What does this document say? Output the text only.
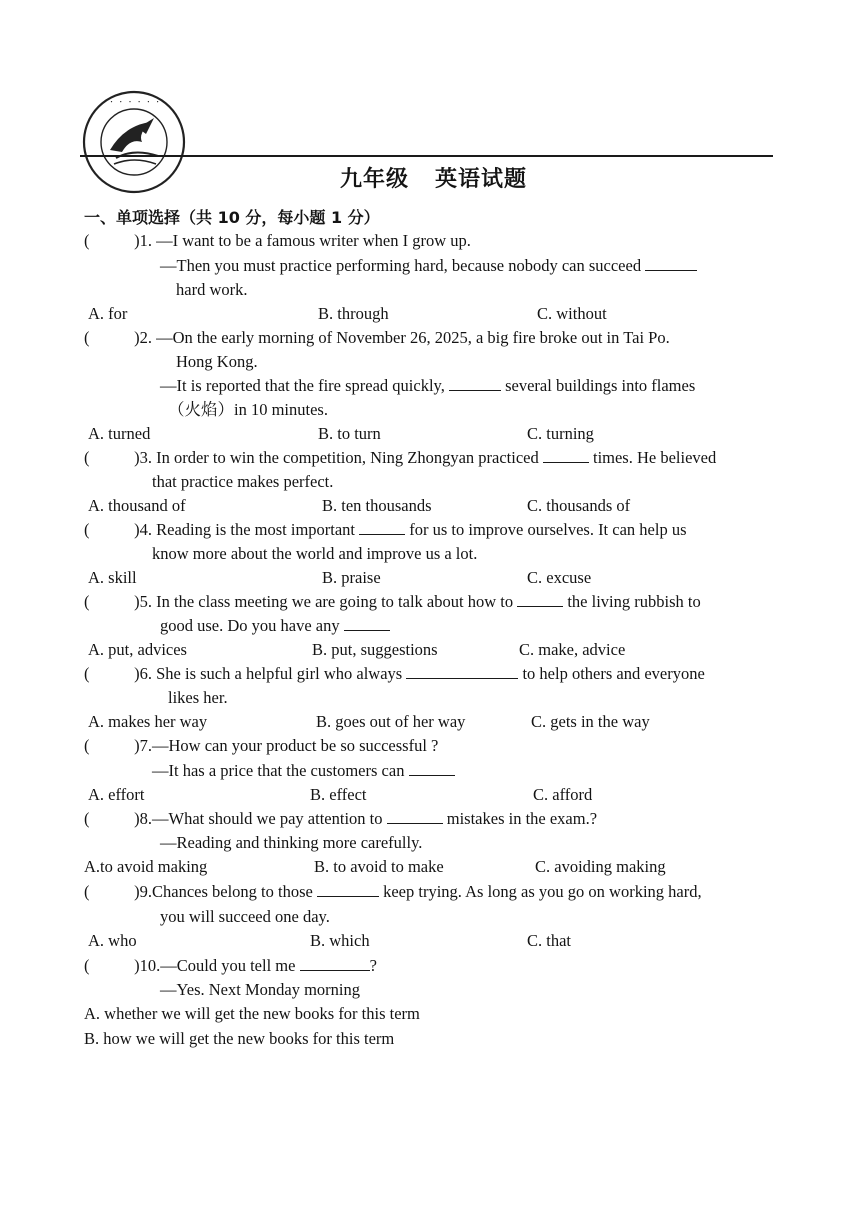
・ ・ ・ ・ ・ ・
九年级 英语试题
一、单项选择（共 10 分，每小题 1 分）
( )1. —I want to be a famous writer when I grow up.
—Then you must practice performing hard, because nobody can succeed
hard work.
A. for	B. through	C. without
( )2. —On the early morning of November 26, 2025, a big fire broke out in Tai Po.
Hong Kong.
—It is reported that the fire spread quickly,	several buildings into flames
（火焰）in 10 minutes.
A. turned	B. to turn	C. turning
( )3. In order to win the competition, Ning Zhongyan practiced	times. He believed
that practice makes perfect.
A. thousand of	B. ten thousands	C. thousands of
( )4. Reading is the most important	for us to improve ourselves. It can help us
know more about the world and improve us a lot.
A. skill	B. praise	C. excuse
( )5. In the class meeting we are going to talk about how to	the living rubbish to
good use. Do you have any
A. put, advices	B. put, suggestions	C. make, advice
( )6. She is such a helpful girl who always	to help others and everyone
likes her.
A. makes her way	B. goes out of her way	C. gets in the way
( )7.—How can your product be so successful ?
—It has a price that the customers can
A. effort	B. effect	C. afford
( )8.—What should we pay attention to	mistakes in the exam.?
—Reading and thinking more carefully.
A.to avoid making	B. to avoid to make	C. avoiding making
( )9.Chances belong to those	keep trying. As long as you go on working hard,
you will succeed one day.
A. who	B. which	C. that
( )10.—Could you tell me	?
—Yes. Next Monday morning
A. whether we will get the new books for this term
B. how we will get the new books for this term
